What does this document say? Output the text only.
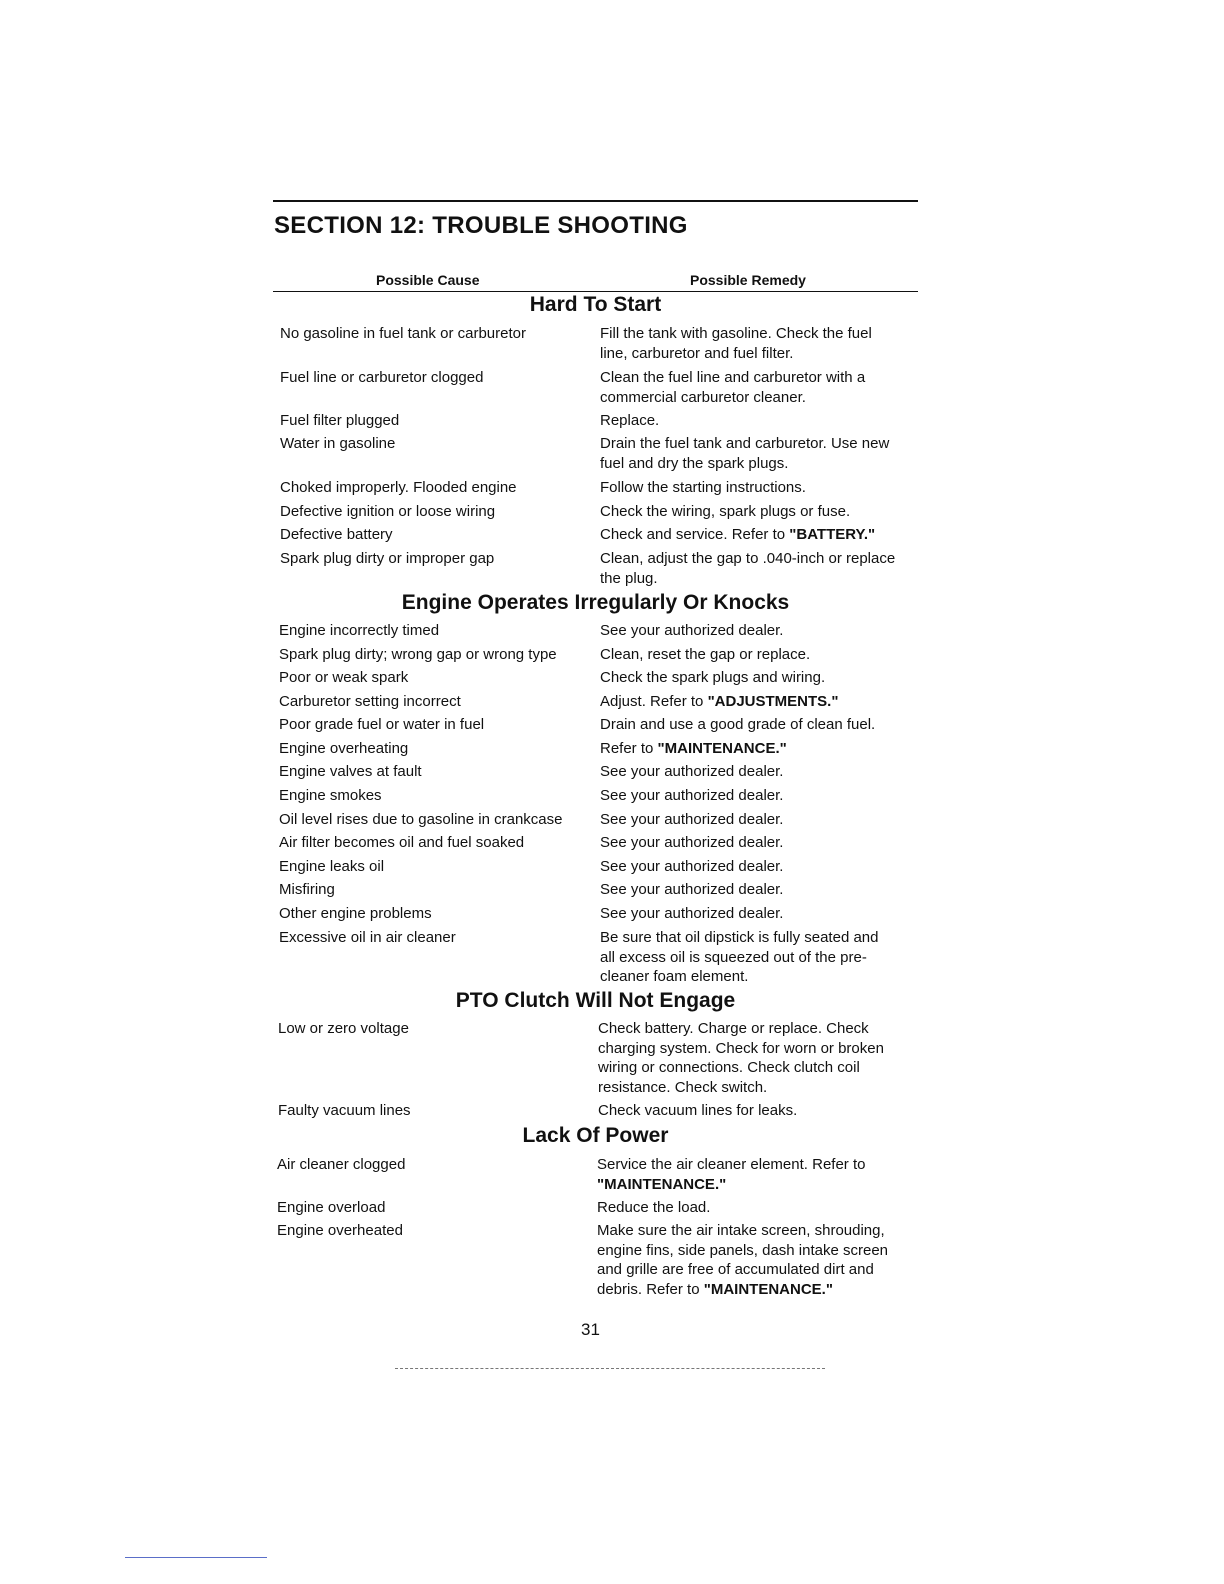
SECTION 12: TROUBLE SHOOTING
Possible Cause	Possible Remedy
Hard To Start
No gasoline in fuel tank or carburetor	Fill the tank with gasoline. Check the fuel
line, carburetor and fuel filter.
Fuel line or carburetor clogged	Clean the fuel line and carburetor with a
commercial carburetor cleaner.
Fuel filter plugged	Replace.
Water in gasoline	Drain the fuel tank and carburetor. Use new
fuel and dry the spark plugs.
Choked improperly. Flooded engine	Follow the starting instructions.
Defective ignition or loose wiring	Check the wiring, spark plugs or fuse.
Defective battery	Check and service. Refer to "BATTERY."
Spark plug dirty or improper gap	Clean, adjust the gap to .040-inch or replace
the plug.
Engine Operates Irregularly Or Knocks
Engine incorrectly timed	See your authorized dealer.
Spark plug dirty; wrong gap or wrong type	Clean, reset the gap or replace.
Poor or weak spark	Check the spark plugs and wiring.
Carburetor setting incorrect	Adjust. Refer to "ADJUSTMENTS."
Poor grade fuel or water in fuel	Drain and use a good grade of clean fuel.
Engine overheating	Refer to "MAINTENANCE."
Engine valves at fault	See your authorized dealer.
Engine smokes	See your authorized dealer.
Oil level rises due to gasoline in crankcase	See your authorized dealer.
Air filter becomes oil and fuel soaked	See your authorized dealer.
Engine leaks oil	See your authorized dealer.
Misfiring	See your authorized dealer.
Other engine problems	See your authorized dealer.
Excessive oil in air cleaner	Be sure that oil dipstick is fully seated and
all excess oil is squeezed out of the pre-
cleaner foam element.
PTO Clutch Will Not Engage
Low or zero voltage	Check battery. Charge or replace. Check
charging system. Check for worn or broken
wiring or connections. Check clutch coil
resistance. Check switch.
Faulty vacuum lines	Check vacuum lines for leaks.
Lack Of Power
Air cleaner clogged	Service the air cleaner element. Refer to
"MAINTENANCE."
Engine overload	Reduce the load.
Engine overheated	Make sure the air intake screen, shrouding,
engine fins, side panels, dash intake screen
and grille are free of accumulated dirt and
debris. Refer to "MAINTENANCE."
31
